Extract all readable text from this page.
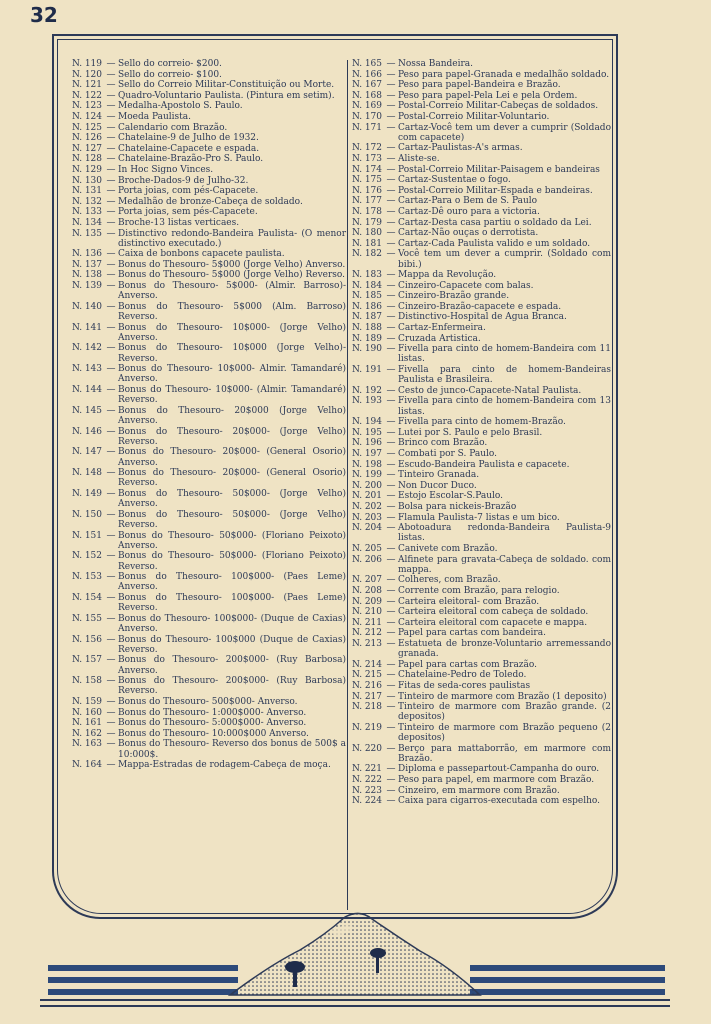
32
N. 119 — Sello do correio- $200.
N. 120 — Sello do correio- $100.
N. 121 — Sello do Correio Militar-Constituição ou Morte.
N. 122 — Quadro-Voluntario Paulista. (Pintura em setim).
N. 123 — Medalha-Apostolo S. Paulo.
N. 124 — Moeda Paulista.
N. 125 — Calendario com Brazão.
N. 126 — Chatelaine-9 de Julho de 1932.
N. 127 — Chatelaine-Capacete e espada.
N. 128 — Chatelaine-Brazão-Pro S. Paulo.
N. 129 — In Hoc Signo Vinces.
N. 130 — Broche-Dados-9 de Julho-32.
N. 131 — Porta joias, com pés-Capacete.
N. 132 — Medalhão de bronze-Cabeça de soldado.
N. 133 — Porta joias, sem pés-Capacete.
N. 134 — Broche-13 listas verticaes.
N. 135 — Distinctivo redondo-Bandeira Paulista- (O menor distinctivo executado.)
N. 136 — Caixa de bonbons capacete paulista.
N. 137 — Bonus do Thesouro- 5$000 (Jorge Velho) Anverso.
N. 138 — Bonus do Thesouro- 5$000 (Jorge Velho) Reverso.
N. 139 — Bonus do Thesouro- 5$000- (Almir. Barroso)- Anverso.
N. 140 — Bonus do Thesouro- 5$000 (Alm. Barroso) Reverso.
N. 141 — Bonus do Thesouro- 10$000- (Jorge Velho) Anverso.
N. 142 — Bonus do Thesouro- 10$000 (Jorge Velho)- Reverso.
N. 143 — Bonus do Thesouro- 10$000- Almir. Tamandaré) Anverso.
N. 144 — Bonus do Thesouro- 10$000- (Almir. Tamandaré) Reverso.
N. 145 — Bonus do Thesouro- 20$000 (Jorge Velho) Anverso.
N. 146 — Bonus do Thesouro- 20$000- (Jorge Velho) Reverso.
N. 147 — Bonus do Thesouro- 20$000- (General Osorio) Anverso.
N. 148 — Bonus do Thesouro- 20$000- (General Osorio) Reverso.
N. 149 — Bonus do Thesouro- 50$000- (Jorge Velho) Anverso.
N. 150 — Bonus do Thesouro- 50$000- (Jorge Velho) Reverso.
N. 151 — Bonus do Thesouro- 50$000- (Floriano Peixoto) Anverso.
N. 152 — Bonus do Thesouro- 50$000- (Floriano Peixoto) Reverso.
N. 153 — Bonus do Thesouro- 100$000- (Paes Leme) Anverso.
N. 154 — Bonus do Thesouro- 100$000- (Paes Leme) Reverso.
N. 155 — Bonus do Thesouro- 100$000- (Duque de Caxias) Anverso.
N. 156 — Bonus do Thesouro- 100$000 (Duque de Caxias) Reverso.
N. 157 — Bonus do Thesouro- 200$000- (Ruy Barbosa) Anverso.
N. 158 — Bonus do Thesouro- 200$000- (Ruy Barbosa) Reverso.
N. 159 — Bonus do Thesouro- 500$000- Anverso.
N. 160 — Bonus do Thesouro- 1:000$000- Anverso.
N. 161 — Bonus do Thesouro- 5:000$000- Anverso.
N. 162 — Bonus do Thesouro- 10:000$000 Anverso.
N. 163 — Bonus do Thesouro- Reverso dos bonus de 500$ a 10:000$.
N. 164 — Mappa-Estradas de rodagem-Cabeça de moça.
N. 165 — Nossa Bandeira.
N. 166 — Peso para papel-Granada e medalhão soldado.
N. 167 — Peso para papel-Bandeira e Brazão.
N. 168 — Peso para papel-Pela Lei e pela Ordem.
N. 169 — Postal-Correio Militar-Cabeças de soldados.
N. 170 — Postal-Correio Militar-Voluntario.
N. 171 — Cartaz-Você tem um dever a cumprir (Soldado com capacete)
N. 172 — Cartaz-Paulistas-A's armas.
N. 173 — Aliste-se.
N. 174 — Postal-Correio Militar-Paisagem e bandeiras
N. 175 — Cartaz-Sustentae o fogo.
N. 176 — Postal-Correio Militar-Espada e bandeiras.
N. 177 — Cartaz-Para o Bem de S. Paulo
N. 178 — Cartaz-Dê ouro para a victoria.
N. 179 — Cartaz-Desta casa partiu o soldado da Lei.
N. 180 — Cartaz-Não ouças o derrotista.
N. 181 — Cartaz-Cada Paulista valido e um soldado.
N. 182 — Você tem um dever a cumprir. (Soldado com bibi.)
N. 183 — Mappa da Revolução.
N. 184 — Cinzeiro-Capacete com balas.
N. 185 — Cinzeiro-Brazão grande.
N. 186 — Cinzeiro-Brazão-capacete e espada.
N. 187 — Distinctivo-Hospital de Agua Branca.
N. 188 — Cartaz-Enfermeira.
N. 189 — Cruzada Artistica.
N. 190 — Fivella para cinto de homem-Bandeira com 11 listas.
N. 191 — Fivella para cinto de homem-Bandeiras Paulista e Brasileira.
N. 192 — Cesto de junco-Capacete-Natal Paulista.
N. 193 — Fivella para cinto de homem-Bandeira com 13 listas.
N. 194 — Fivella para cinto de homem-Brazão.
N. 195 — Lutei por S. Paulo e pelo Brasil.
N. 196 — Brinco com Brazão.
N. 197 — Combati por S. Paulo.
N. 198 — Escudo-Bandeira Paulista e capacete.
N. 199 — Tinteiro Granada.
N. 200 — Non Ducor Duco.
N. 201 — Estojo Escolar-S.Paulo.
N. 202 — Bolsa para nickeis-Brazão
N. 203 — Flamula Paulista-7 listas e um bico.
N. 204 — Abotoadura redonda-Bandeira Paulista-9 listas.
N. 205 — Canivete com Brazão.
N. 206 — Alfinete para gravata-Cabeça de soldado. com mappa.
N. 207 — Colheres, com Brazão.
N. 208 — Corrente com Brazão, para relogio.
N. 209 — Carteira eleitoral- com Brazão.
N. 210 — Carteira eleitoral com cabeça de soldado.
N. 211 — Carteira eleitoral com capacete e mappa.
N. 212 — Papel para cartas com bandeira.
N. 213 — Estatueta de bronze-Voluntario arremessando granada.
N. 214 — Papel para cartas com Brazão.
N. 215 — Chatelaine-Pedro de Toledo.
N. 216 — Fitas de seda-cores paulistas
N. 217 — Tinteiro de marmore com Brazão (1 deposito)
N. 218 — Tinteiro de marmore com Brazão grande. (2 depositos)
N. 219 — Tinteiro de marmore com Brazão pequeno (2 depositos)
N. 220 — Berço para mattaborrão, em marmore com Brazão.
N. 221 — Diploma e passepartout-Campanha do ouro.
N. 222 — Peso para papel, em marmore com Brazão.
N. 223 — Cinzeiro, em marmore com Brazão.
N. 224 — Caixa para cigarros-executada com espelho.
